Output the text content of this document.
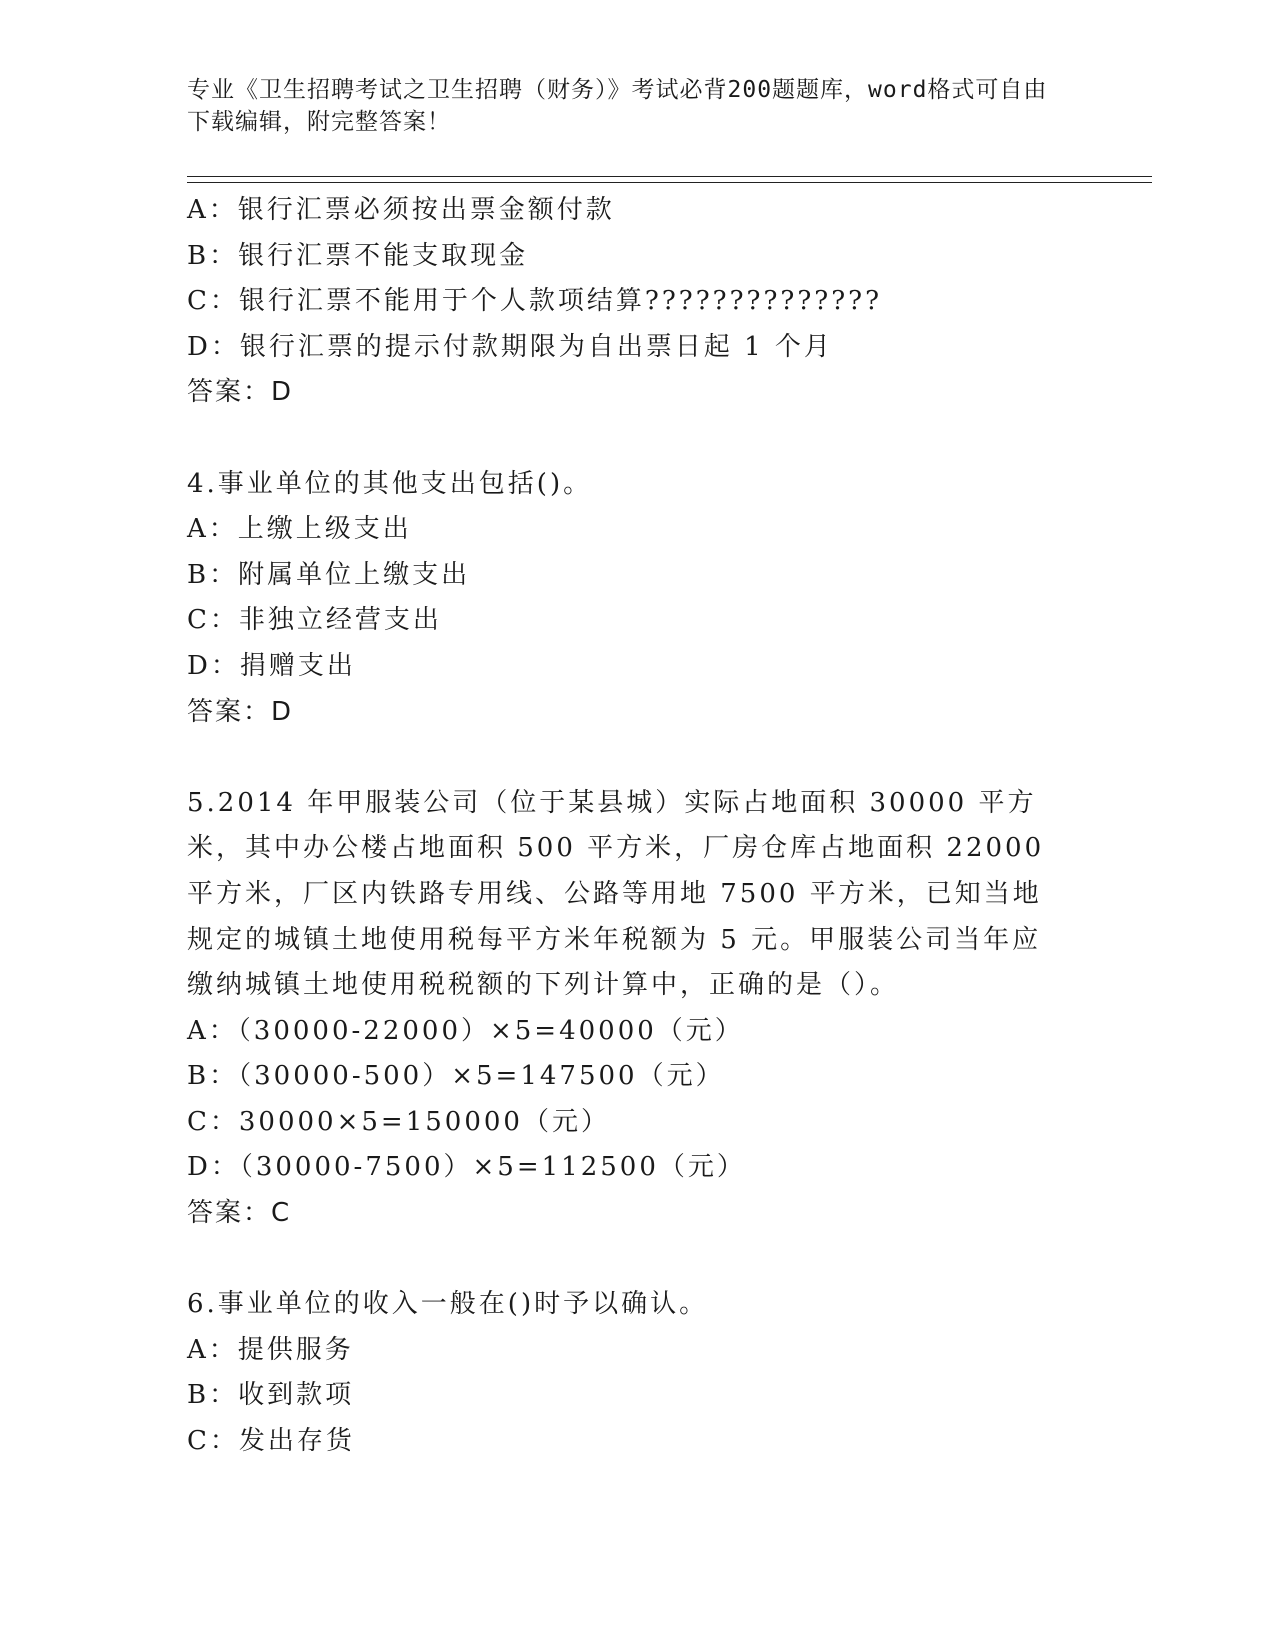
专业《卫生招聘考试之卫生招聘（财务）》考试必背200题题库，word格式可自由下载编辑，附完整答案！
A：银行汇票必须按出票金额付款
B：银行汇票不能支取现金
C：银行汇票不能用于个人款项结算??????????????
D：银行汇票的提示付款期限为自出票日起 1 个月
答案：D
4.事业单位的其他支出包括()。
A：上缴上级支出
B：附属单位上缴支出
C：非独立经营支出
D：捐赠支出
答案：D
5.2014 年甲服装公司（位于某县城）实际占地面积 30000 平方米，其中办公楼占地面积 500 平方米，厂房仓库占地面积 22000 平方米，厂区内铁路专用线、公路等用地 7500 平方米，已知当地规定的城镇土地使用税每平方米年税额为 5 元。甲服装公司当年应缴纳城镇土地使用税税额的下列计算中，正确的是（）。
A：（30000-22000）×5=40000（元）
B：（30000-500）×5=147500（元）
C：30000×5=150000（元）
D：（30000-7500）×5=112500（元）
答案：C
6.事业单位的收入一般在()时予以确认。
A：提供服务
B：收到款项
C：发出存货
